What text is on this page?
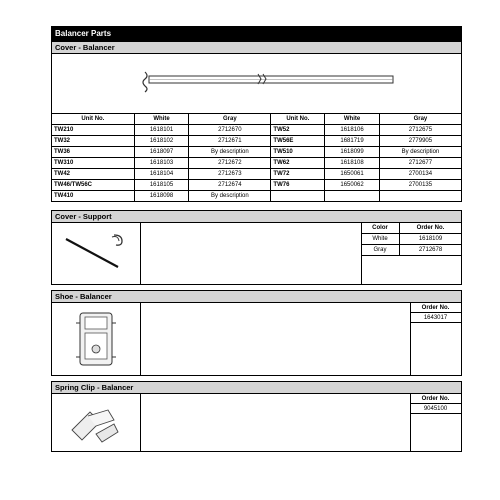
Balancer Parts
Cover - Balancer
Unit No.	White	Gray	Unit No.	White	Gray
TW210	1618101	2712670	TW52	1618106	2712675
TW32	1618102	2712671	TW56E	1681719	2779905
TW36	1618097	By description	TW510	1618099	By description
TW310	1618103	2712672	TW62	1618108	2712677
TW42	1618104	2712673	TW72	1650061	2700134
TW46/TW56C	1618105	2712674	TW76	1650062	2700135
TW410	1618098	By description			
Cover - Support
Color	Order No.
White	1618109
Gray	2712678
Shoe - Balancer
Order No.
1643017
Spring Clip - Balancer
Order No.
9045100
